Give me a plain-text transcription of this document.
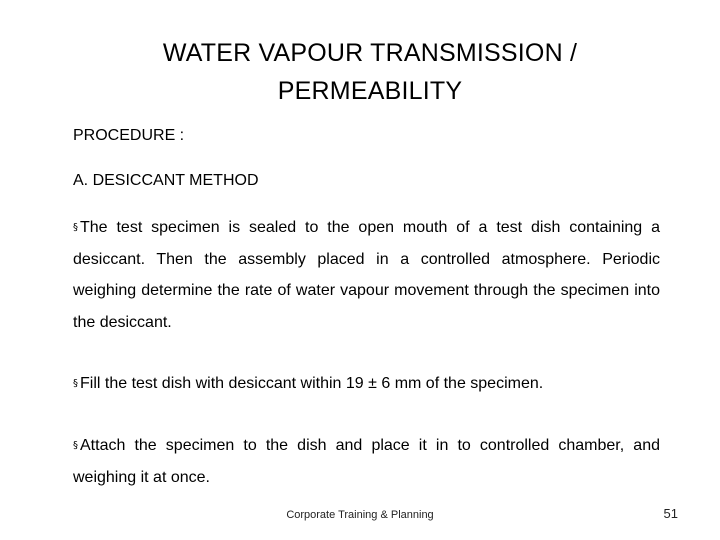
WATER VAPOUR TRANSMISSION /
PERMEABILITY
PROCEDURE :
A. DESICCANT METHOD
§ The test specimen is sealed to the open mouth of a test dish containing a desiccant. Then the assembly placed in a controlled atmosphere. Periodic weighing determine the rate of water vapour movement through the specimen into the desiccant.
§ Fill the test dish with desiccant within 19 ± 6 mm of the specimen.
§ Attach the specimen to the dish and place it in to controlled chamber, and weighing it at once.
Corporate Training & Planning	51
